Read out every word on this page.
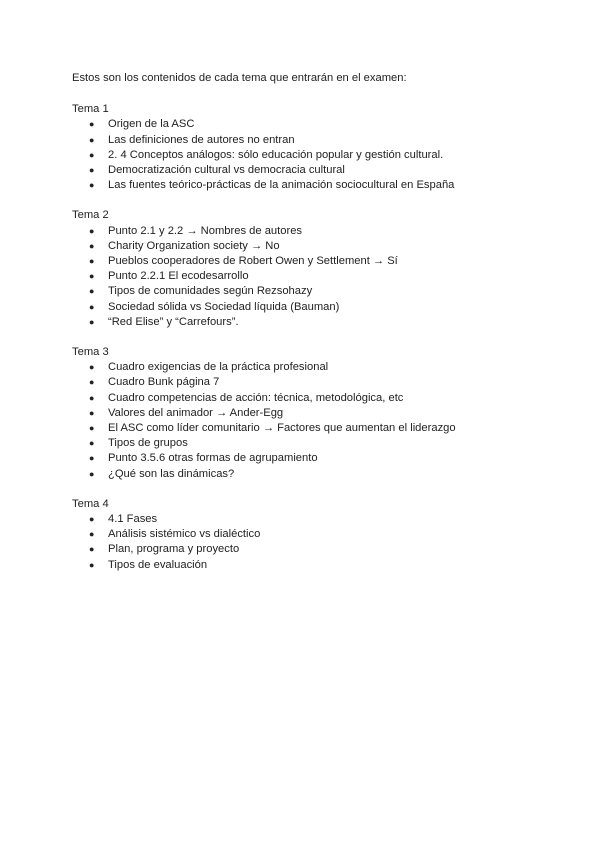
Estos son los contenidos de cada tema que entrarán en el examen:

Tema 1

● Origen de la ASC
● Las definiciones de autores no entran
● 2. 4 Conceptos análogos: sólo educación popular y gestión cultural.
● Democratización cultural vs democracia cultural
● Las fuentes teórico-prácticas de la animación sociocultural en España

Tema 2

● Punto 2.1 y 2.2 → Nombres de autores
● Charity Organization society → No
● Pueblos cooperadores de Robert Owen y Settlement → Sí
● Punto 2.2.1 El ecodesarrollo
● Tipos de comunidades según Rezsohazy
● Sociedad sólida vs Sociedad líquida (Bauman)
● “Red Elise” y “Carrefours”.

Tema 3

● Cuadro exigencias de la práctica profesional
● Cuadro Bunk página 7
● Cuadro competencias de acción: técnica, metodológica, etc
● Valores del animador → Ander-Egg
● El ASC como líder comunitario → Factores que aumentan el liderazgo
● Tipos de grupos
● Punto 3.5.6 otras formas de agrupamiento
● ¿Qué son las dinámicas?

Tema 4

● 4.1 Fases
● Análisis sistémico vs dialéctico
● Plan, programa y proyecto
● Tipos de evaluación
